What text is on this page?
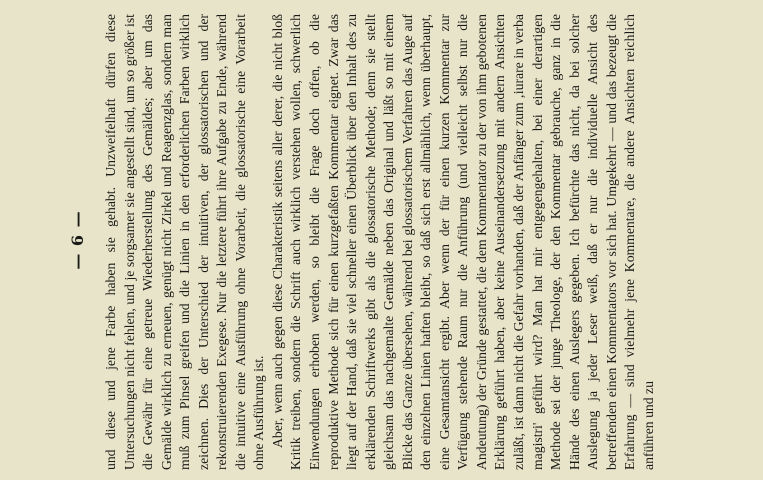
— 6 — und diese und jene Farbe haben sie gehabt. Unzweifelhaft dürfen diese Untersuchungen nicht fehlen, und je sorgsamer sie angestellt sind, um so größer ist die Gewähr für eine getreue Wiederherstellung des Gemäldes; aber um das Gemälde wirklich zu erneuen, genügt nicht Zirkel und Reagenzglas, sondern man muß zum Pinsel greifen und die Linien in den erforderlichen Farben wirklich zeichnen. Dies der Unterschied der intuitiven, der glossatorischen und der rekonstruierenden Exegese. Nur die letztere führt ihre Aufgabe zu Ende, während die intuitive eine Ausführung ohne Vorarbeit, die glossatorische eine Vorarbeit ohne Ausführung ist. Aber, wenn auch gegen diese Charakteristik seitens aller derer, die nicht bloß Kritik treiben, sondern die Schrift auch wirklich verstehen wollen, schwerlich Einwendungen erhoben werden, so bleibt die Frage doch offen, ob die reproduktive Methode sich für einen kurzgefaßten Kommentar eignet. Zwar das liegt auf der Hand, daß sie viel schneller einen Überblick über den Inhalt des zu erklärenden Schriftwerks gibt als die glossatorische Methode; denn sie stellt gleichsam das nachgemalte Gemälde neben das Original und läßt so mit einem Blicke das Ganze übersehen, während bei glossatorischem Verfahren das Auge auf den einzelnen Linien haften bleibt, so daß sich erst allmählich, wenn überhaupt, eine Gesamtansicht ergibt. Aber wenn der für einen kurzen Kommentar zur Verfügung stehende Raum nur die Anführung (und vielleicht selbst nur die Andeutung) der Gründe gestattet, die dem Kommentator zu der von ihm gebotenen Erklärung geführt haben, aber keine Auseinandersetzung mit andern Ansichten zuläßt, ist dann nicht die Gefahr vorhanden, daß der Anfänger zum ‚iurare in verba magistri' geführt wird? Man hat mir entgegengehalten, bei einer derartigen Methode sei der junge Theologe, der den Kommentar gebrauche, ganz in die Hände des einen Auslegers gegeben. Ich befürchte das nicht, da bei solcher Auslegung ja jeder Leser weiß, daß er nur die individuelle Ansicht des betreffenden einen Kommentators vor sich hat. Umgekehrt — und das bezeugt die Erfahrung — sind vielmehr jene Kommentare, die andere Ansichten reichlich anführen und zu
